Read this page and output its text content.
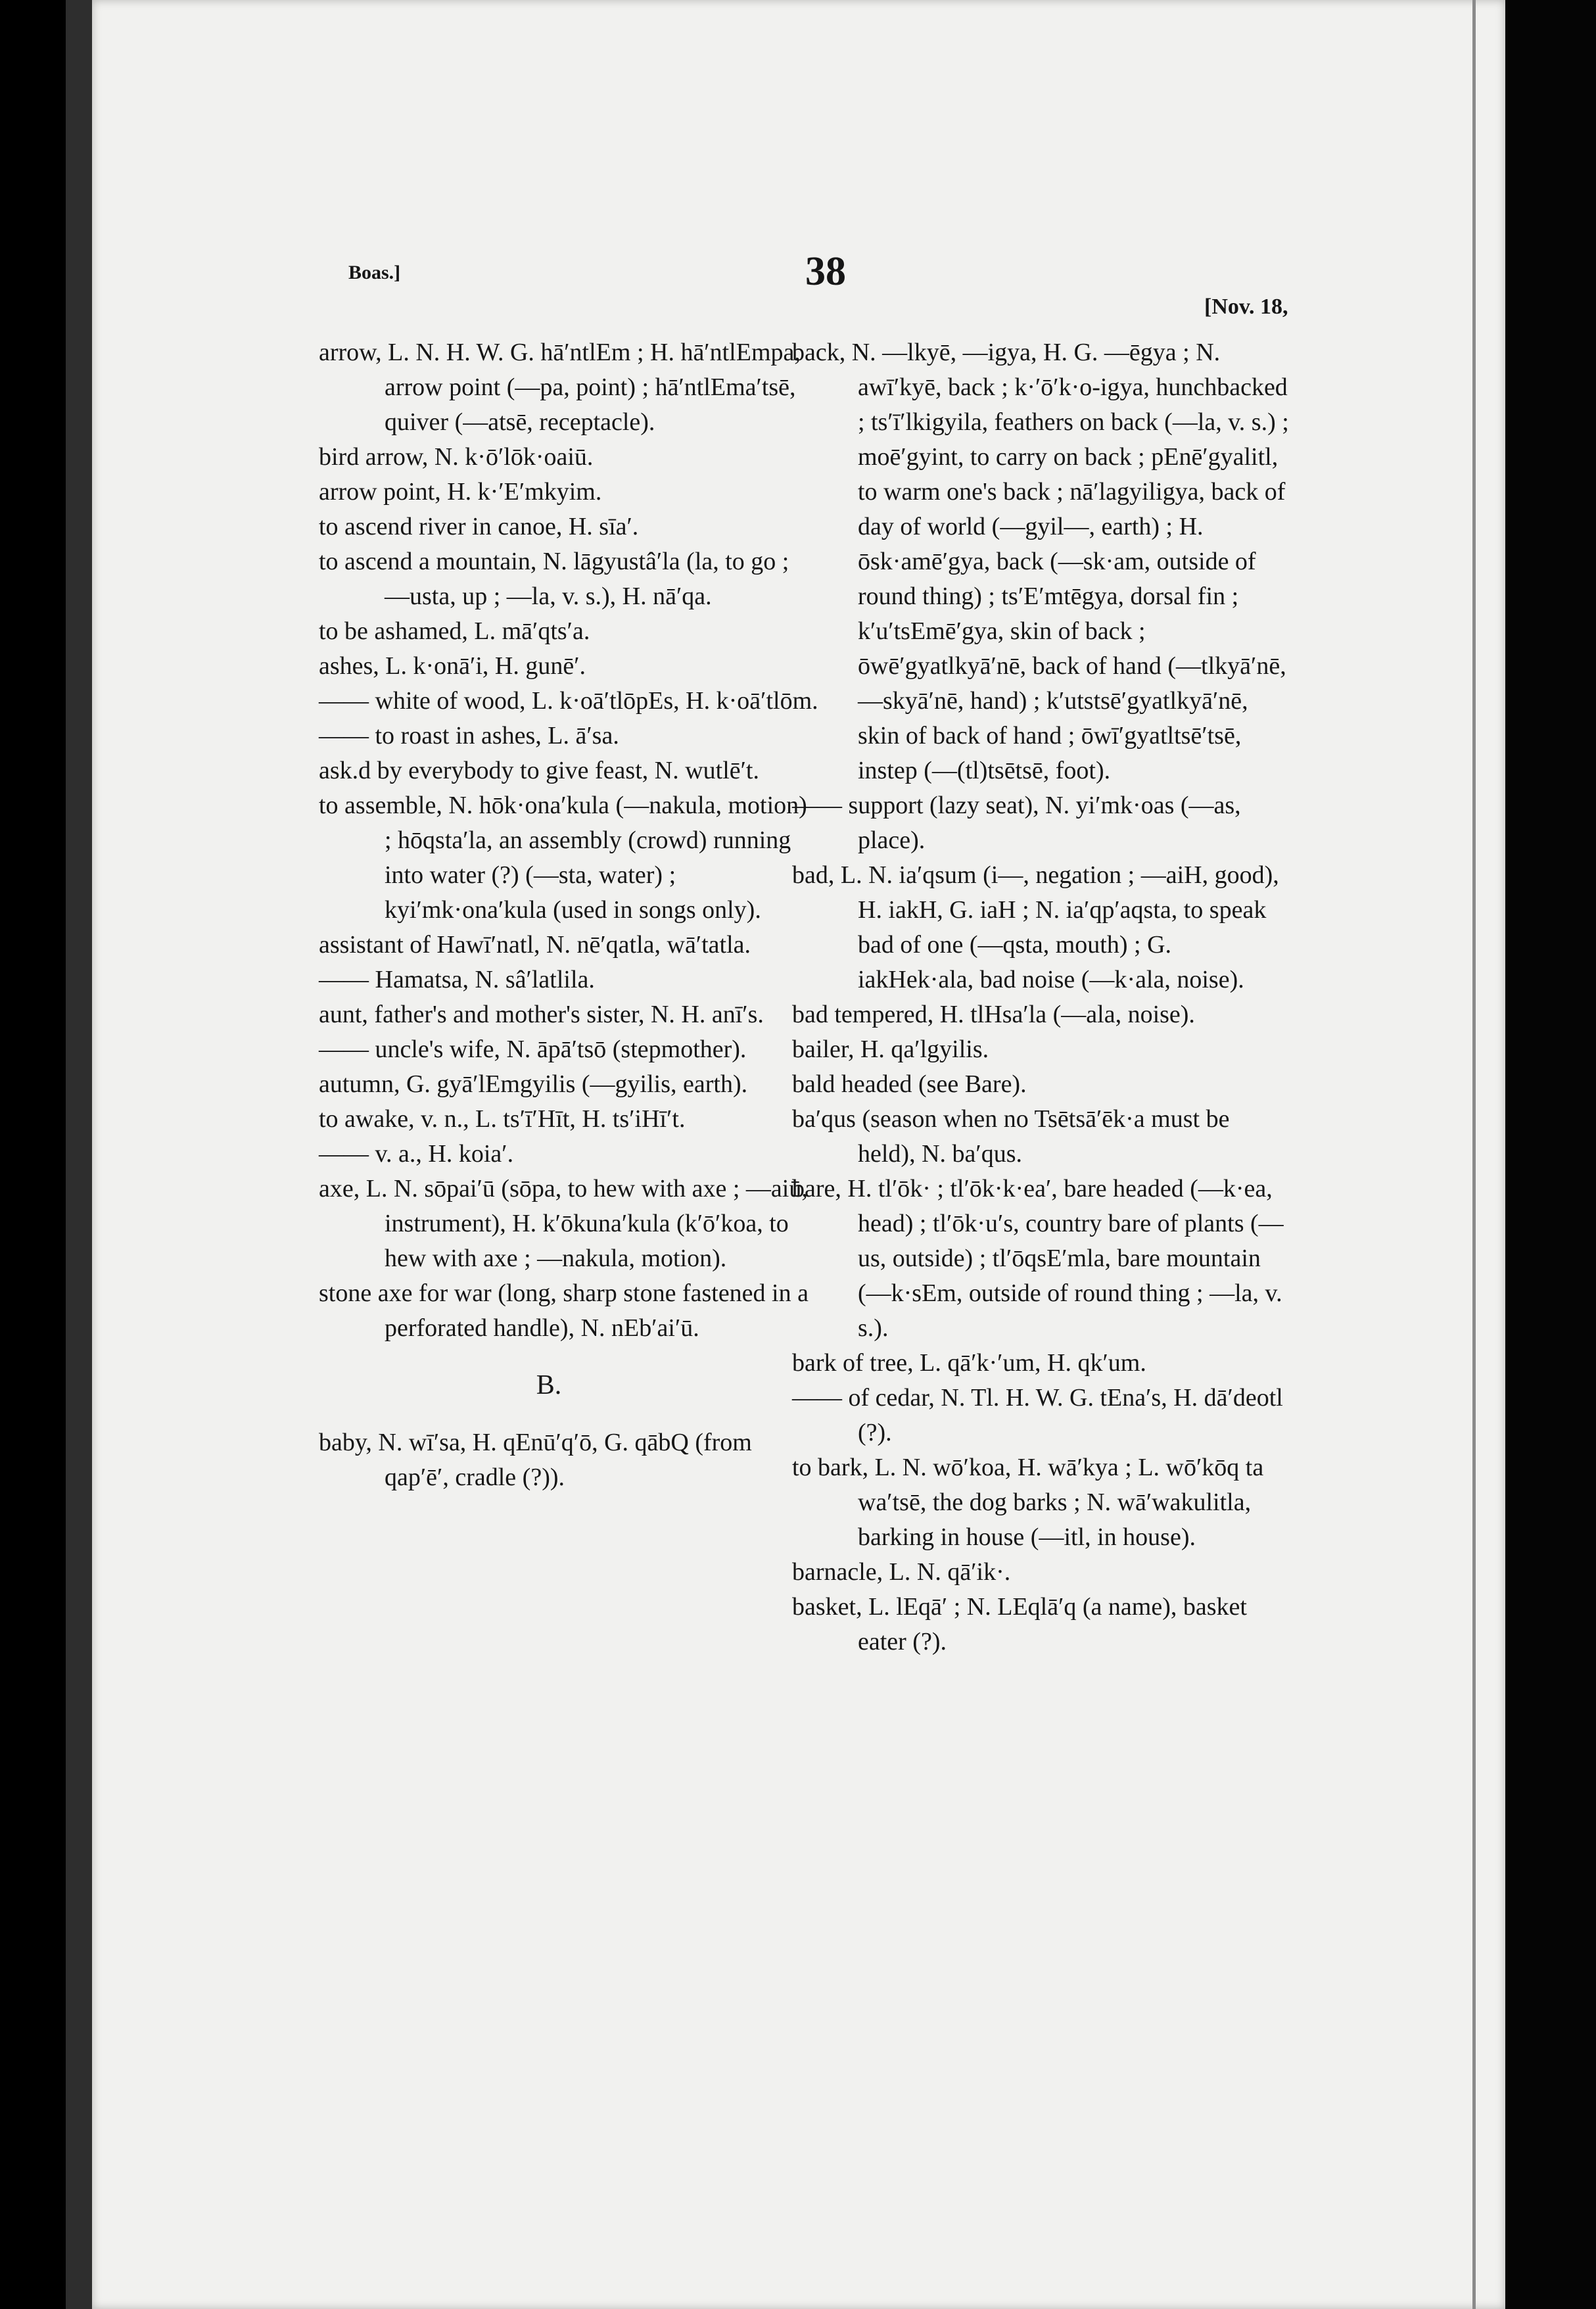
Boas.]	38
[Nov. 18,

arrow, L. N. H. W. G. hā′ntlEm ; H. hā′ntlEmpa, arrow point (—pa, point) ; hā′ntlEma′tsē, quiver (—atsē, receptacle).

bird arrow, N. k·ō′lōk·oaiū.

arrow point, H. k·′E′mkyim.

to ascend river in canoe, H. sīa′.

to ascend a mountain, N. lāgyustâ′la (la, to go ; —usta, up ; —la, v. s.), H. nā′qa.

to be ashamed, L. mā′qts′a.

ashes, L. k·onā′i, H. gunē′.

—— white of wood, L. k·oā′tlōpEs, H. k·oā′tlōm.

—— to roast in ashes, L. ā′sa.

ask.d by everybody to give feast, N. wutlē′t.

to assemble, N. hōk·ona′kula (—nakula, motion) ; hōqsta′la, an assembly (crowd) running into water (?) (—sta, water) ; kyi′mk·ona′kula (used in songs only).

assistant of Hawī′natl, N. nē′qatla, wā′tatla.

—— Hamatsa, N. sâ′latlila.

aunt, father's and mother's sister, N. H. anī′s.

—— uncle's wife, N. āpā′tsō (stepmother).

autumn, G. gyā′lEmgyilis (—gyilis, earth).

to awake, v. n., L. ts′ī′Hīt, H. ts′iHī′t.

—— v. a., H. koia′.

axe, L. N. sōpai′ū (sōpa, to hew with axe ; —aiū, instrument), H. k′ōkuna′kula (k′ō′koa, to hew with axe ; —nakula, motion).

stone axe for war (long, sharp stone fastened in a perforated handle), N. nEb′ai′ū.

B.

baby, N. wī′sa, H. qEnū′q′ō, G. qābQ (from qap′ē′, cradle (?)).

back, N. —lkyē, —igya, H. G. —ēgya ; N. awī′kyē, back ; k·′ō′k·o-igya, hunchbacked ; ts′ī′lkigyila, feathers on back (—la, v. s.) ; moē′gyint, to carry on back ; pEnē′gyalitl, to warm one's back ; nā′lagyiligya, back of day of world (—gyil—, earth) ; H. ōsk·amē′gya, back (—sk·am, outside of round thing) ; ts′E′mtēgya, dorsal fin ; k′u′tsEmē′gya, skin of back ; ōwē′gyatlkyā′nē, back of hand (—tlkyā′nē,—skyā′nē, hand) ; k′utstsē′gyatlkyā′nē, skin of back of hand ; ōwī′gyatltsē′tsē, instep (—(tl)tsētsē, foot).

—— support (lazy seat), N. yi′mk·oas (—as, place).

bad, L. N. ia′qsum (i—, negation ; —aiH, good), H. iakH, G. iaH ; N. ia′qp′aqsta, to speak bad of one (—qsta, mouth) ; G. iakHek·ala, bad noise (—k·ala, noise).

bad tempered, H. tlHsa′la (—ala, noise).

bailer, H. qa′lgyilis.

bald headed (see Bare).

ba′qus (season when no Tsētsā′ēk·a must be held), N. ba′qus.

bare, H. tl′ōk· ; tl′ōk·k·ea′, bare headed (—k·ea, head) ; tl′ōk·u′s, country bare of plants (—us, outside) ; tl′ōqsE′mla, bare mountain (—k·sEm, outside of round thing ; —la, v. s.).

bark of tree, L. qā′k·′um, H. qk′um.

—— of cedar, N. Tl. H. W. G. tEna′s, H. dā′deotl (?).

to bark, L. N. wō′koa, H. wā′kya ; L. wō′kōq ta wa′tsē, the dog barks ; N. wā′wakulitla, barking in house (—itl, in house).

barnacle, L. N. qā′ik·.

basket, L. lEqā′ ; N. LEqlā′q (a name), basket eater (?).
